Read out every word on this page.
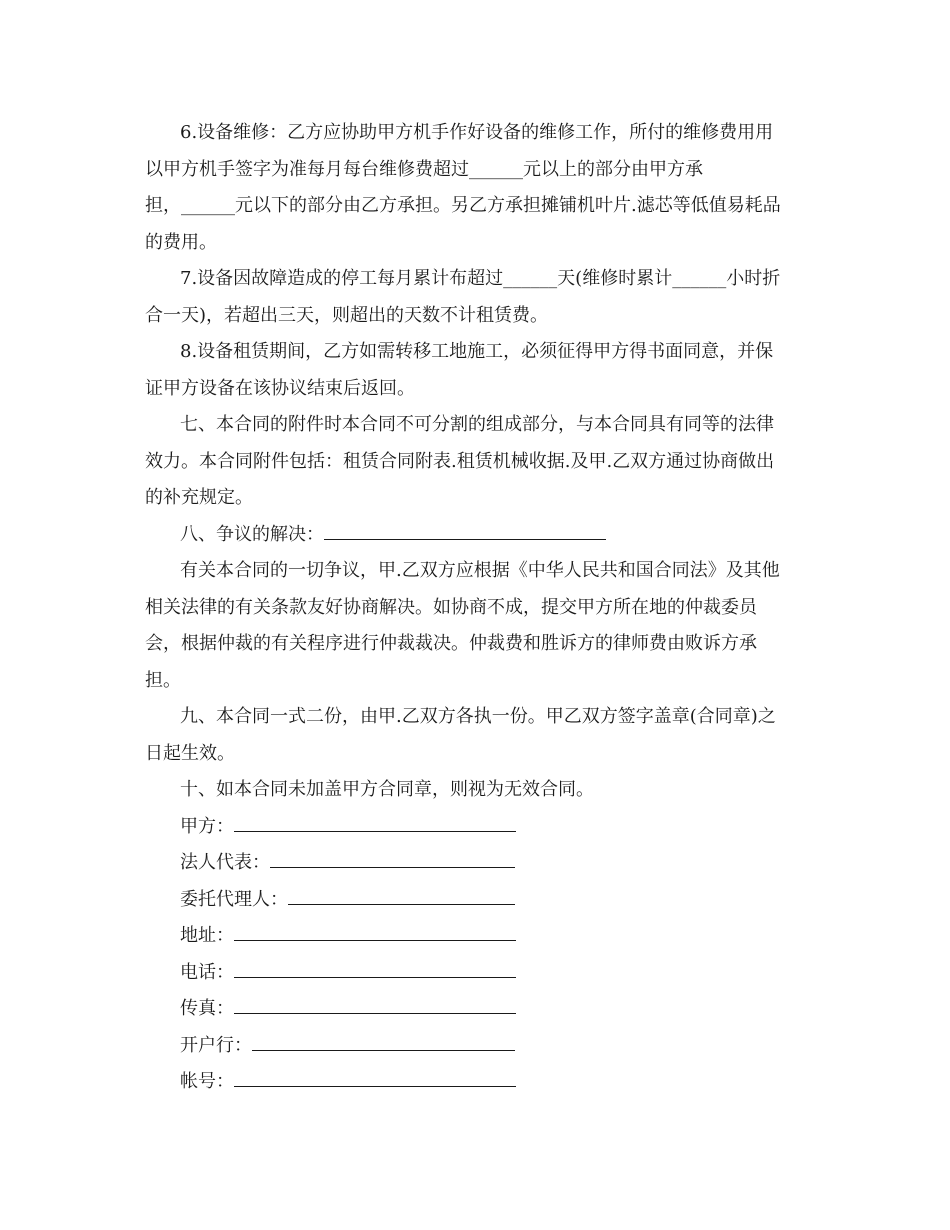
6.设备维修：乙方应协助甲方机手作好设备的维修工作，所付的维修费用用
以甲方机手签字为准每月每台维修费超过______元以上的部分由甲方承
担，______元以下的部分由乙方承担。另乙方承担摊铺机叶片.滤芯等低值易耗品
的费用。
7.设备因故障造成的停工每月累计布超过______天(维修时累计______小时折
合一天)，若超出三天，则超出的天数不计租赁费。
8.设备租赁期间，乙方如需转移工地施工，必须征得甲方得书面同意，并保
证甲方设备在该协议结束后返回。
七、本合同的附件时本合同不可分割的组成部分，与本合同具有同等的法律
效力。本合同附件包括：租赁合同附表.租赁机械收据.及甲.乙双方通过协商做出
的补充规定。
八、争议的解决：
有关本合同的一切争议，甲.乙双方应根据《中华人民共和国合同法》及其他
相关法律的有关条款友好协商解决。如协商不成，提交甲方所在地的仲裁委员
会，根据仲裁的有关程序进行仲裁裁决。仲裁费和胜诉方的律师费由败诉方承
担。
九、本合同一式二份，由甲.乙双方各执一份。甲乙双方签字盖章(合同章)之
日起生效。
十、如本合同未加盖甲方合同章，则视为无效合同。
甲方：
法人代表：
委托代理人：
地址：
电话：
传真：
开户行：
帐号：
